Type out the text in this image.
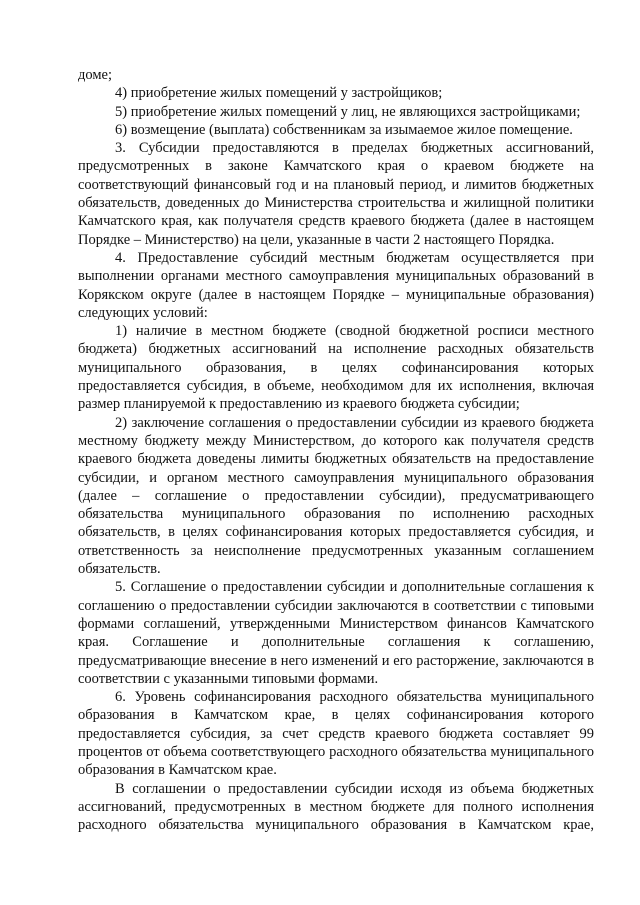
доме;

4) приобретение жилых помещений у застройщиков;

5) приобретение жилых помещений у лиц, не являющихся застройщиками;

6) возмещение (выплата) собственникам за изымаемое жилое помещение.

3. Субсидии предоставляются в пределах бюджетных ассигнований, предусмотренных в законе Камчатского края о краевом бюджете на соответствующий финансовый год и на плановый период, и лимитов бюджетных обязательств, доведенных до Министерства строительства и жилищной политики Камчатского края, как получателя средств краевого бюджета (далее в настоящем Порядке – Министерство) на цели, указанные в части 2 настоящего Порядка.

4. Предоставление субсидий местным бюджетам осуществляется при выполнении органами местного самоуправления муниципальных образований в Корякском округе (далее в настоящем Порядке – муниципальные образования) следующих условий:

1) наличие в местном бюджете (сводной бюджетной росписи местного бюджета) бюджетных ассигнований на исполнение расходных обязательств муниципального образования, в целях софинансирования которых предоставляется субсидия, в объеме, необходимом для их исполнения, включая размер планируемой к предоставлению из краевого бюджета субсидии;

2) заключение соглашения о предоставлении субсидии из краевого бюджета местному бюджету между Министерством, до которого как получателя средств краевого бюджета доведены лимиты бюджетных обязательств на предоставление субсидии, и органом местного самоуправления муниципального образования (далее – соглашение о предоставлении субсидии), предусматривающего обязательства муниципального образования по исполнению расходных обязательств, в целях софинансирования которых предоставляется субсидия, и ответственность за неисполнение предусмотренных указанным соглашением обязательств.

5. Соглашение о предоставлении субсидии и дополнительные соглашения к соглашению о предоставлении субсидии заключаются в соответствии с типовыми формами соглашений, утвержденными Министерством финансов Камчатского края. Соглашение и дополнительные соглашения к соглашению, предусматривающие внесение в него изменений и его расторжение, заключаются в соответствии с указанными типовыми формами.

6. Уровень софинансирования расходного обязательства муниципального образования в Камчатском крае, в целях софинансирования которого предоставляется субсидия, за счет средств краевого бюджета составляет 99 процентов от объема соответствующего расходного обязательства муниципального образования в Камчатском крае.

В соглашении о предоставлении субсидии исходя из объема бюджетных ассигнований, предусмотренных в местном бюджете для полного исполнения расходного обязательства муниципального образования в Камчатском крае,
